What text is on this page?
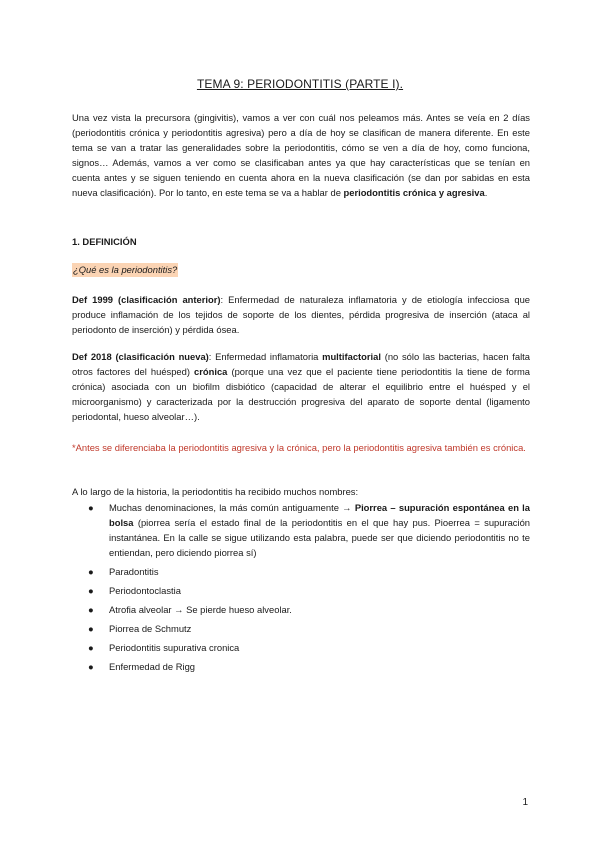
TEMA 9: PERIODONTITIS (PARTE I).

Una vez vista la precursora (gingivitis), vamos a ver con cuál nos peleamos más. Antes se veía en 2 días (periodontitis crónica y periodontitis agresiva) pero a día de hoy se clasifican de manera diferente. En este tema se van a tratar las generalidades sobre la periodontitis, cómo se ven a día de hoy, como funciona, signos… Además, vamos a ver como se clasificaban antes ya que hay características que se tenían en cuenta antes y se siguen teniendo en cuenta ahora en la nueva clasificación (se dan por sabidas en esta nueva clasificación). Por lo tanto, en este tema se va a hablar de periodontitis crónica y agresiva.

1. DEFINICIÓN
¿Qué es la periodontitis?

Def 1999 (clasificación anterior): Enfermedad de naturaleza inflamatoria y de etiología infecciosa que produce inflamación de los tejidos de soporte de los dientes, pérdida progresiva de inserción (ataca al periodonto de inserción) y pérdida ósea.

Def 2018 (clasificación nueva): Enfermedad inflamatoria multifactorial (no sólo las bacterias, hacen falta otros factores del huésped) crónica (porque una vez que el paciente tiene periodontitis la tiene de forma crónica) asociada con un biofilm disbiótico (capacidad de alterar el equilibrio entre el huésped y el microorganismo) y caracterizada por la destrucción progresiva del aparato de soporte dental (ligamento periodontal, hueso alveolar…).

*Antes se diferenciaba la periodontitis agresiva y la crónica, pero la periodontitis agresiva también es crónica.

A lo largo de la historia, la periodontitis ha recibido muchos nombres:

● Muchas denominaciones, la más común antiguamente → Piorrea – supuración espontánea en la bolsa (piorrea sería el estado final de la periodontitis en el que hay pus. Pioerrea = supuración instantánea. En la calle se sigue utilizando esta palabra, puede ser que diciendo periodontitis no te entiendan, pero diciendo piorrea sí)
● Paradontitis
● Periodontoclastia
● Atrofia alveolar → Se pierde hueso alveolar.
● Piorrea de Schmutz
● Periodontitis supurativa cronica
● Enfermedad de Rigg
1
